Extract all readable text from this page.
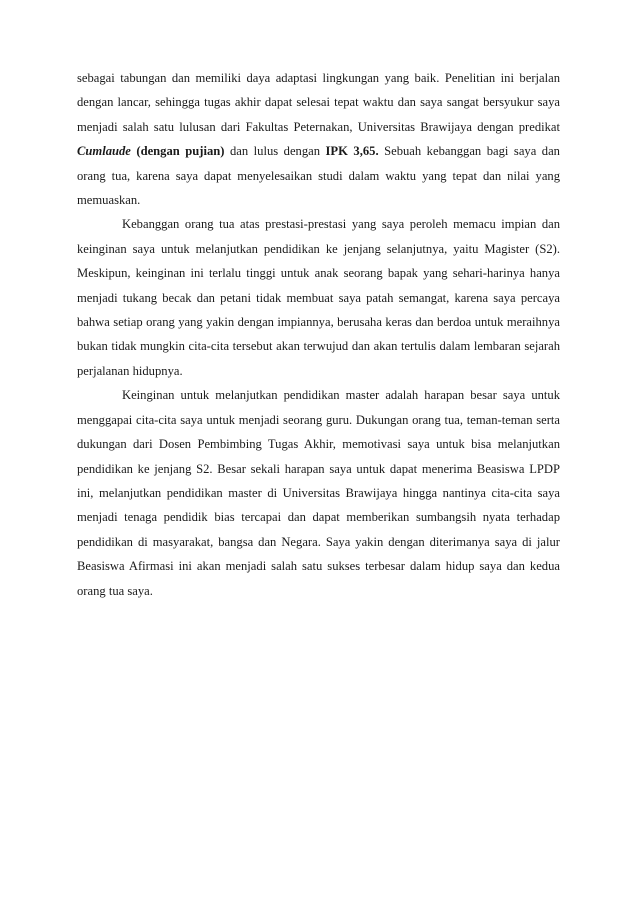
sebagai tabungan dan memiliki daya adaptasi lingkungan yang baik. Penelitian ini berjalan dengan lancar, sehingga tugas akhir dapat selesai tepat waktu dan saya sangat bersyukur saya menjadi salah satu lulusan dari Fakultas Peternakan, Universitas Brawijaya dengan predikat Cumlaude (dengan pujian) dan lulus dengan IPK 3,65. Sebuah kebanggan bagi saya dan orang tua, karena saya dapat menyelesaikan studi dalam waktu yang tepat dan nilai yang memuaskan.

Kebanggan orang tua atas prestasi-prestasi yang saya peroleh memacu impian dan keinginan saya untuk melanjutkan pendidikan ke jenjang selanjutnya, yaitu Magister (S2). Meskipun, keinginan ini terlalu tinggi untuk anak seorang bapak yang sehari-harinya hanya menjadi tukang becak dan petani tidak membuat saya patah semangat, karena saya percaya bahwa setiap orang yang yakin dengan impiannya, berusaha keras dan berdoa untuk meraihnya bukan tidak mungkin cita-cita tersebut akan terwujud dan akan tertulis dalam lembaran sejarah perjalanan hidupnya.

Keinginan untuk melanjutkan pendidikan master adalah harapan besar saya untuk menggapai cita-cita saya untuk menjadi seorang guru. Dukungan orang tua, teman-teman serta dukungan dari Dosen Pembimbing Tugas Akhir, memotivasi saya untuk bisa melanjutkan pendidikan ke jenjang S2. Besar sekali harapan saya untuk dapat menerima Beasiswa LPDP ini, melanjutkan pendidikan master di Universitas Brawijaya hingga nantinya cita-cita saya menjadi tenaga pendidik bias tercapai dan dapat memberikan sumbangsih nyata terhadap pendidikan di masyarakat, bangsa dan Negara. Saya yakin dengan diterimanya saya di jalur Beasiswa Afirmasi ini akan menjadi salah satu sukses terbesar dalam hidup saya dan kedua orang tua saya.
